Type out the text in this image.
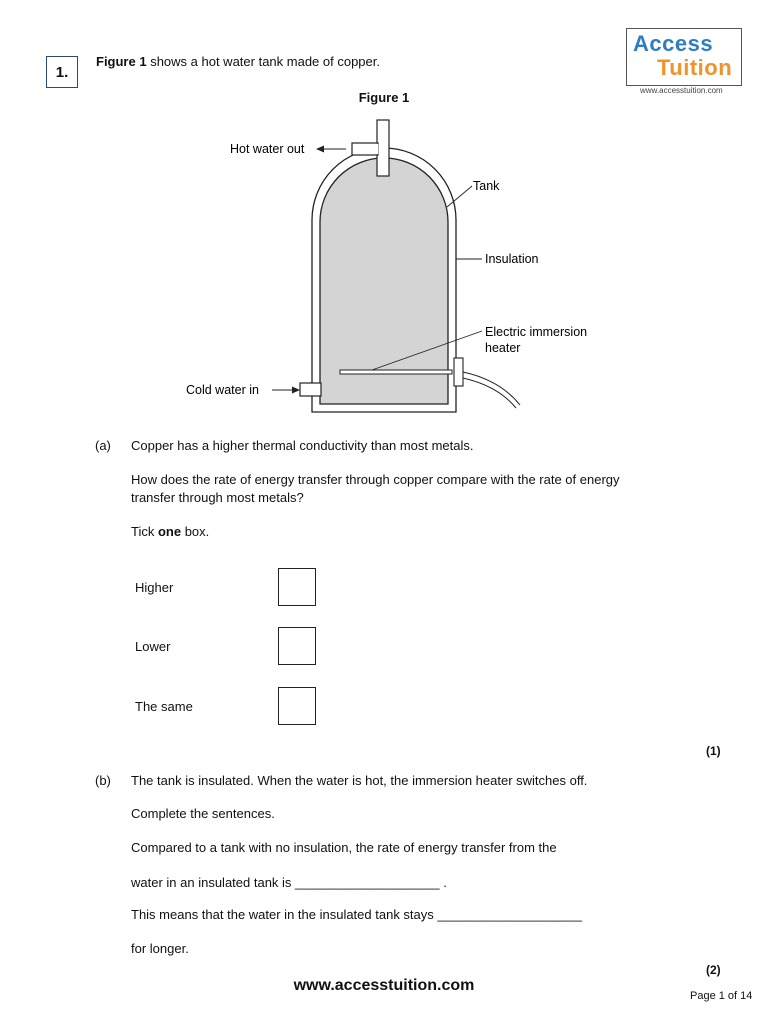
1.
Figure 1 shows a hot water tank made of copper.
Access
Tuition
www.accesstuition.com
Figure 1
Hot water out
Tank
Insulation
Electric immersion
heater
Cold water in
(a) Copper has a higher thermal conductivity than most metals.
How does the rate of energy transfer through copper compare with the rate of energy
transfer through most metals?
Tick one box.
Higher
Lower
The same
(1)
(b) The tank is insulated. When the water is hot, the immersion heater switches off.
Complete the sentences.
Compared to a tank with no insulation, the rate of energy transfer from the
water in an insulated tank is ____________________ .
This means that the water in the insulated tank stays ____________________
for longer.
(2)
www.accesstuition.com
Page 1 of 14
